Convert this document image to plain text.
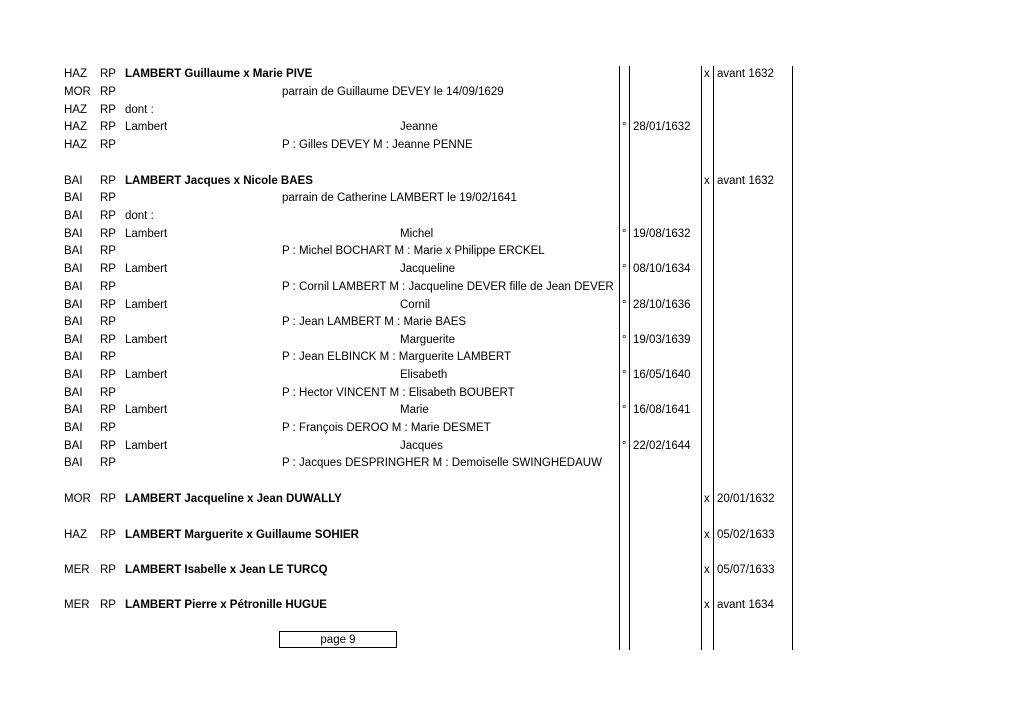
HAZ RP LAMBERT Guillaume x Marie PIVE	x avant 1632
MOR RP	parrain de Guillaume DEVEY le 14/09/1629
HAZ RP dont :
HAZ RP Lambert	Jeanne	° 28/01/1632
HAZ RP	P : Gilles DEVEY M : Jeanne PENNE
BAI RP LAMBERT Jacques x Nicole BAES	x avant 1632
BAI RP	parrain de Catherine LAMBERT le 19/02/1641
BAI RP dont :
BAI RP Lambert	Michel	° 19/08/1632
BAI RP	P : Michel BOCHART M : Marie x Philippe ERCKEL
BAI RP Lambert	Jacqueline	° 08/10/1634
BAI RP	P : Cornil LAMBERT M : Jacqueline DEVER fille de Jean DEVER
BAI RP Lambert	Cornil	° 28/10/1636
BAI RP	P : Jean LAMBERT M : Marie BAES
BAI RP Lambert	Marguerite	° 19/03/1639
BAI RP	P : Jean ELBINCK M : Marguerite LAMBERT
BAI RP Lambert	Elisabeth	° 16/05/1640
BAI RP	P : Hector VINCENT M : Elisabeth BOUBERT
BAI RP Lambert	Marie	° 16/08/1641
BAI RP	P : François DEROO M : Marie DESMET
BAI RP Lambert	Jacques	° 22/02/1644
BAI RP	P : Jacques DESPRINGHER M : Demoiselle SWINGHEDAUW
MOR RP LAMBERT Jacqueline x Jean DUWALLY	x 20/01/1632
HAZ RP LAMBERT Marguerite x Guillaume SOHIER	x 05/02/1633
MER RP LAMBERT Isabelle x Jean LE TURCQ	x 05/07/1633
MER RP LAMBERT Pierre x Pétronille HUGUE	x avant 1634
page 9
